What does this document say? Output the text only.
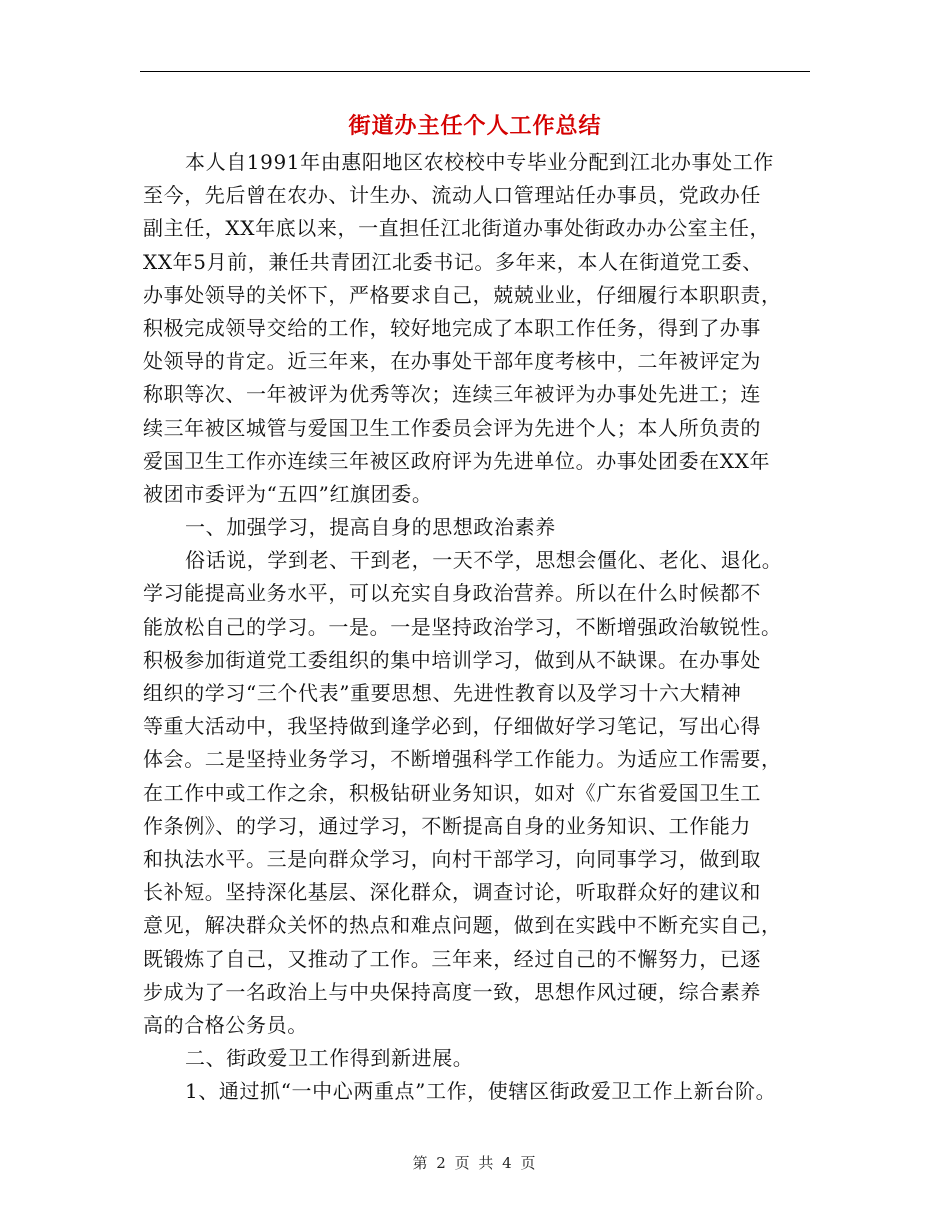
街道办主任个人工作总结
本人自1991年由惠阳地区农校校中专毕业分配到江北办事处工作
至今，先后曾在农办、计生办、流动人口管理站任办事员，党政办任
副主任，XX年底以来，一直担任江北街道办事处街政办办公室主任，
XX年5月前，兼任共青团江北委书记。多年来，本人在街道党工委、
办事处领导的关怀下，严格要求自己，兢兢业业，仔细履行本职职责，
积极完成领导交给的工作，较好地完成了本职工作任务，得到了办事
处领导的肯定。近三年来，在办事处干部年度考核中，二年被评定为
称职等次、一年被评为优秀等次；连续三年被评为办事处先进工；连
续三年被区城管与爱国卫生工作委员会评为先进个人；本人所负责的
爱国卫生工作亦连续三年被区政府评为先进单位。办事处团委在XX年
被团市委评为“五四”红旗团委。
一、加强学习，提高自身的思想政治素养
俗话说，学到老、干到老，一天不学，思想会僵化、老化、退化。
学习能提高业务水平，可以充实自身政治营养。所以在什么时候都不
能放松自己的学习。一是。一是坚持政治学习，不断增强政治敏锐性。
积极参加街道党工委组织的集中培训学习，做到从不缺课。在办事处
组织的学习“三个代表”重要思想、先进性教育以及学习十六大精神
等重大活动中，我坚持做到逢学必到，仔细做好学习笔记，写出心得
体会。二是坚持业务学习，不断增强科学工作能力。为适应工作需要，
在工作中或工作之余，积极钻研业务知识，如对《广东省爱国卫生工
作条例》、的学习，通过学习，不断提高自身的业务知识、工作能力
和执法水平。三是向群众学习，向村干部学习，向同事学习，做到取
长补短。坚持深化基层、深化群众，调查讨论，听取群众好的建议和
意见，解决群众关怀的热点和难点问题，做到在实践中不断充实自己，
既锻炼了自己，又推动了工作。三年来，经过自己的不懈努力，已逐
步成为了一名政治上与中央保持高度一致，思想作风过硬，综合素养
高的合格公务员。
二、街政爱卫工作得到新进展。
1、通过抓“一中心两重点”工作，使辖区街政爱卫工作上新台阶。
第 2 页 共 4 页
